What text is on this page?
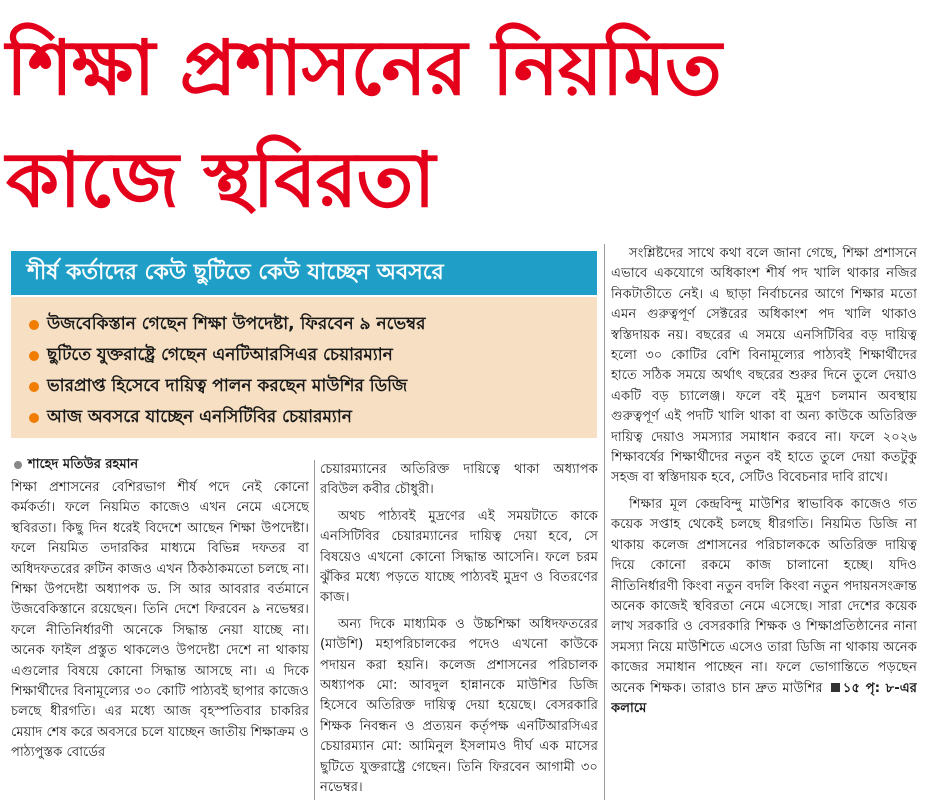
শিক্ষা প্রশাসনের নিয়মিত
কাজে স্থবিরতা
শীর্ষ কর্তাদের কেউ ছুটিতে কেউ যাচ্ছেন অবসরে
উজবেকিস্তান গেছেন শিক্ষা উপদেষ্টা, ফিরবেন ৯ নভেম্বর
ছুটিতে যুক্তরাষ্ট্রে গেছেন এনটিআরসিএর চেয়ারম্যান
ভারপ্রাপ্ত হিসেবে দায়িত্ব পালন করছেন মাউশির ডিজি
আজ অবসরে যাচ্ছেন এনসিটিবির চেয়ারম্যান
শাহেদ মতিউর রহমান

শিক্ষা প্রশাসনের বেশিরভাগ শীর্ষ পদে নেই কোনো কর্মকর্তা। ফলে নিয়মিত কাজেও এখন নেমে এসেছে স্থবিরতা। কিছু দিন ধরেই বিদেশে আছেন শিক্ষা উপদেষ্টা। ফলে নিয়মিত তদারকির মাধ্যমে বিভিন্ন দফতর বা অধিদফতরের রুটিন কাজও এখন ঠিকঠাকমতো চলছে না। শিক্ষা উপদেষ্টা অধ্যাপক ড. সি আর আবরার বর্তমানে উজবেকিস্তানে রয়েছেন। তিনি দেশে ফিরবেন ৯ নভেম্বর। ফলে নীতিনির্ধারণী অনেকে সিদ্ধান্ত নেয়া যাচ্ছে না। অনেক ফাইল প্রস্তুত থাকলেও উপদেষ্টা দেশে না থাকায় এগুলোর বিষয়ে কোনো সিদ্ধান্ত আসছে না। এ দিকে শিক্ষার্থীদের বিনামূল্যের ৩০ কোটি পাঠ্যবই ছাপার কাজেও চলছে ধীরগতি। এর মধ্যে আজ বৃহস্পতিবার চাকরির মেয়াদ শেষ করে অবসরে চলে যাচ্ছেন জাতীয় শিক্ষাক্রম ও পাঠ্যপুস্তক বোর্ডের

চেয়ারম্যানের অতিরিক্ত দায়িত্বে থাকা অধ্যাপক রবিউল কবীর চৌধুরী।

অথচ পাঠ্যবই মুদ্রণের এই সময়টাতে কাকে এনসিটিবির চেয়ারম্যানের দায়িত্ব দেয়া হবে, সে বিষয়েও এখনো কোনো সিদ্ধান্ত আসেনি। ফলে চরম ঝুঁকির মধ্যে পড়তে যাচ্ছে পাঠ্যবই মুদ্রণ ও বিতরণের কাজ।

অন্য দিকে মাধ্যমিক ও উচ্চশিক্ষা অধিদফতরের (মাউশি) মহাপরিচালকের পদেও এখনো কাউকে পদায়ন করা হয়নি। কলেজ প্রশাসনের পরিচালক অধ্যাপক মো: আবদুল হান্নানকে মাউশির ডিজি হিসেবে অতিরিক্ত দায়িত্ব দেয়া হয়েছে। বেসরকারি শিক্ষক নিবন্ধন ও প্রত্যয়ন কর্তৃপক্ষ এনটিআরসিএর চেয়ারম্যান মো: আমিনুল ইসলামও দীর্ঘ এক মাসের ছুটিতে যুক্তরাষ্ট্রে গেছেন। তিনি ফিরবেন আগামী ৩০ নভেম্বর।

সংশ্লিষ্টদের সাথে কথা বলে জানা গেছে, শিক্ষা প্রশাসনে এভাবে একযোগে অধিকাংশ শীর্ষ পদ খালি থাকার নজির নিকটাতীতে নেই। এ ছাড়া নির্বাচনের আগে শিক্ষার মতো এমন গুরুত্বপূর্ণ সেক্টরের অধিকাংশ পদ খালি থাকাও স্বস্তিদায়ক নয়। বছরের এ সময়ে এনসিটিবির বড় দায়িত্ব হলো ৩০ কোটির বেশি বিনামূল্যের পাঠ্যবই শিক্ষার্থীদের হাতে সঠিক সময়ে অর্থাৎ বছরের শুরুর দিনে তুলে দেয়াও একটি বড় চ্যালেঞ্জ। ফলে বই মুদ্রণ চলমান অবস্থায় গুরুত্বপূর্ণ এই পদটি খালি থাকা বা অন্য কাউকে অতিরিক্ত দায়িত্ব দেয়াও সমস্যার সমাধান করবে না। ফলে ২০২৬ শিক্ষাবর্ষের শিক্ষার্থীদের নতুন বই হাতে তুলে দেয়া কতটুকু সহজ বা স্বস্তিদায়ক হবে, সেটিও বিবেচনার দাবি রাখে।

শিক্ষার মূল কেন্দ্রবিন্দু মাউশির স্বাভাবিক কাজেও গত কয়েক সপ্তাহ থেকেই চলছে ধীরগতি। নিয়মিত ডিজি না থাকায় কলেজ প্রশাসনের পরিচালককে অতিরিক্ত দায়িত্ব দিয়ে কোনো রকমে কাজ চালানো হচ্ছে। যদিও নীতিনির্ধারণী কিংবা নতুন বদলি কিংবা নতুন পদায়নসংক্রান্ত অনেক কাজেই স্থবিরতা নেমে এসেছে। সারা দেশের কয়েক লাখ সরকারি ও বেসরকারি শিক্ষক ও শিক্ষাপ্রতিষ্ঠানের নানা সমস্যা নিয়ে মাউশিতে এসেও তারা ডিজি না থাকায় অনেক কাজের সমাধান পাচ্ছেন না। ফলে ভোগান্তিতে পড়ছেন অনেক শিক্ষক। তারাও চান দ্রুত মাউশির ১৫ পৃ: ৮-এর কলামে
